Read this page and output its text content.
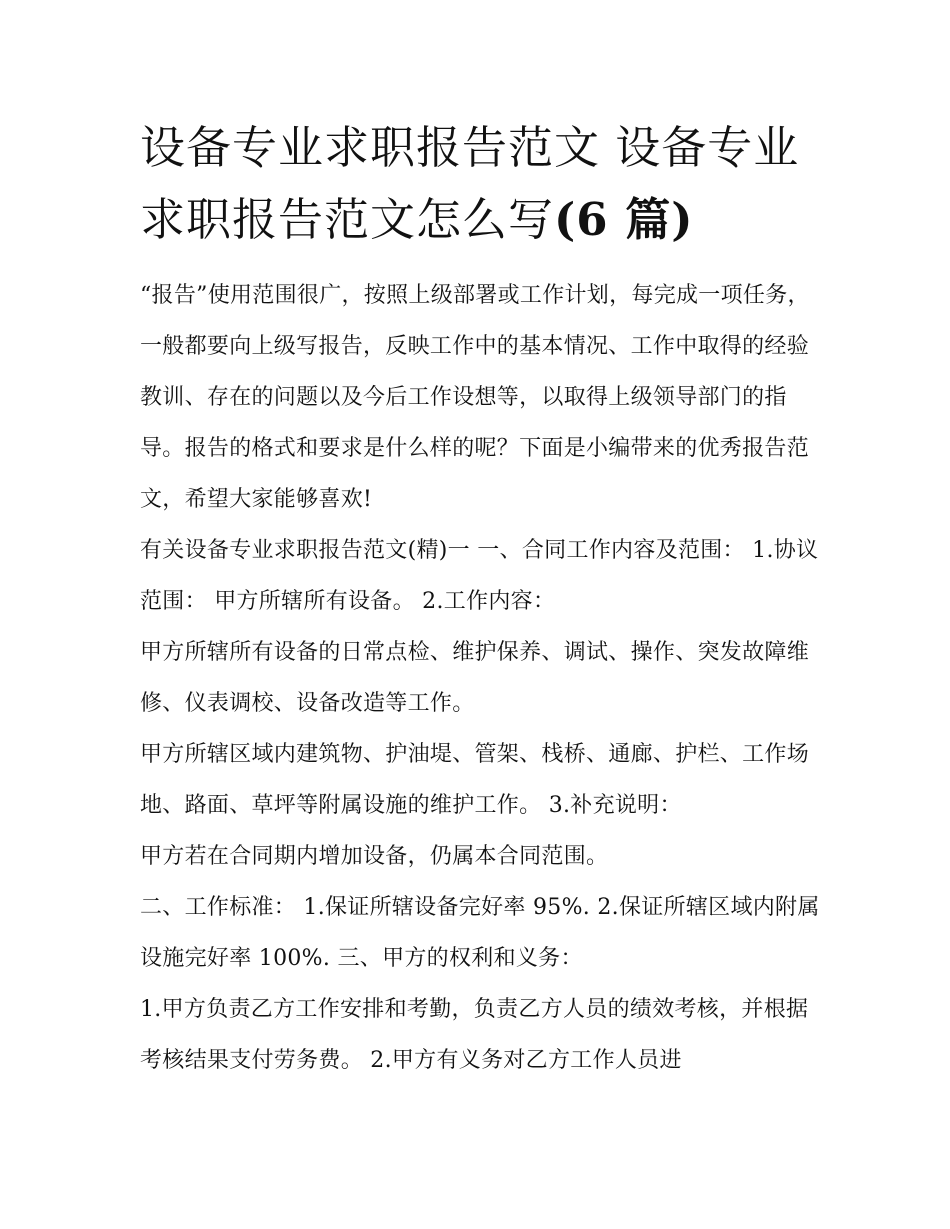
设备专业求职报告范文 设备专业求职报告范文怎么写(6 篇)

“报告”使用范围很广，按照上级部署或工作计划，每完成一项任务，一般都要向上级写报告，反映工作中的基本情况、工作中取得的经验教训、存在的问题以及今后工作设想等，以取得上级领导部门的指导。报告的格式和要求是什么样的呢？下面是小编带来的优秀报告范文，希望大家能够喜欢!

有关设备专业求职报告范文(精)一 一、合同工作内容及范围： 1.协议范围： 甲方所辖所有设备。 2.工作内容：

甲方所辖所有设备的日常点检、维护保养、调试、操作、突发故障维修、仪表调校、设备改造等工作。

甲方所辖区域内建筑物、护油堤、管架、栈桥、通廊、护栏、工作场地、路面、草坪等附属设施的维护工作。 3.补充说明：

甲方若在合同期内增加设备，仍属本合同范围。

二、工作标准： 1.保证所辖设备完好率 95%. 2.保证所辖区域内附属设施完好率 100%. 三、甲方的权利和义务：

1.甲方负责乙方工作安排和考勤，负责乙方人员的绩效考核，并根据考核结果支付劳务费。 2.甲方有义务对乙方工作人员进
